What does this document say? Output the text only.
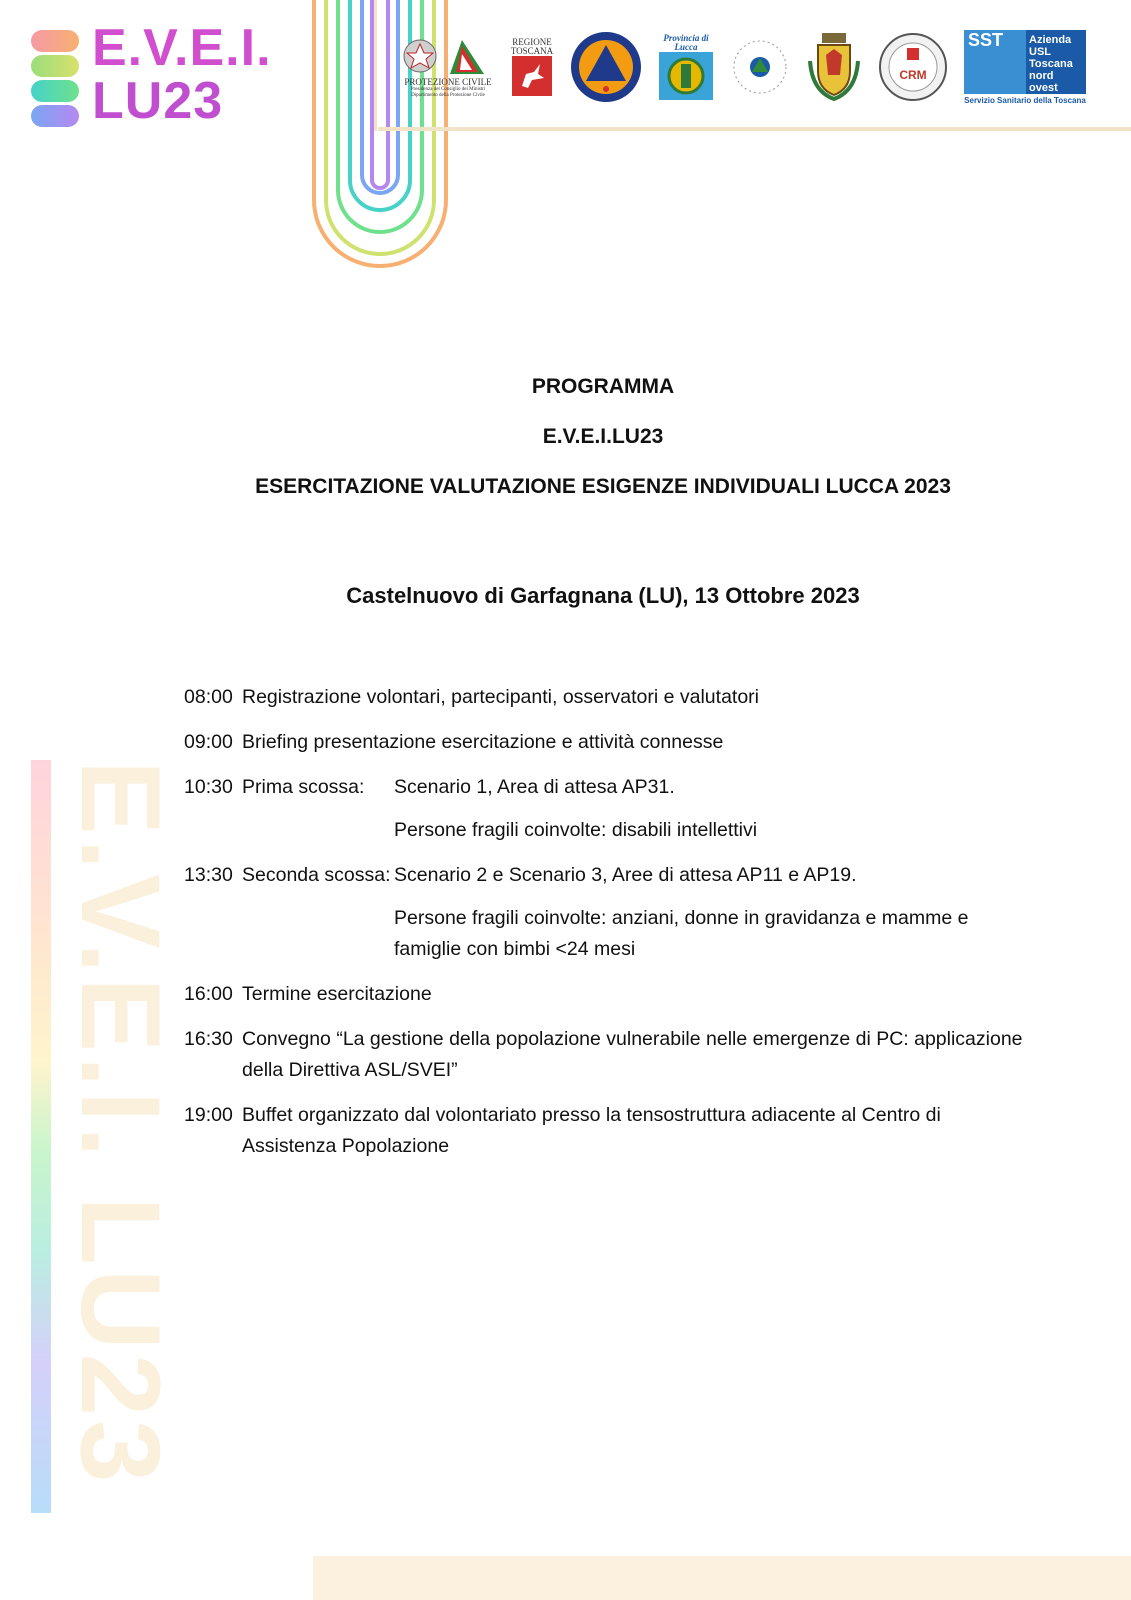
E.V.E.I.
LU23	PROTEZIONE CIVILE
Presidenza del Consiglio dei Ministri
Dipartimento della Protezione Civile
REGIONE TOSCANA
Provincia di Lucca
CRM
SST	Azienda
USL
Toscana
nord ovest
Servizio Sanitario della Toscana
E.V.E.I. LU23
PROGRAMMA
E.V.E.I.LU23
ESERCITAZIONE VALUTAZIONE ESIGENZE INDIVIDUALI LUCCA 2023
Castelnuovo di Garfagnana (LU), 13 Ottobre 2023
08:00 Registrazione volontari, partecipanti, osservatori e valutatori
09:00 Briefing presentazione esercitazione e attività connesse
10:30 Prima scossa:	Scenario 1, Area di attesa AP31.
Persone fragili coinvolte: disabili intellettivi
13:30 Seconda scossa: Scenario 2 e Scenario 3, Aree di attesa AP11 e AP19.
Persone fragili coinvolte: anziani, donne in gravidanza e mamme e famiglie con bimbi <24 mesi
16:00 Termine esercitazione
16:30 Convegno “La gestione della popolazione vulnerabile nelle emergenze di PC: applicazione della Direttiva ASL/SVEI”
19:00 Buffet organizzato dal volontariato presso la tensostruttura adiacente al Centro di Assistenza Popolazione
